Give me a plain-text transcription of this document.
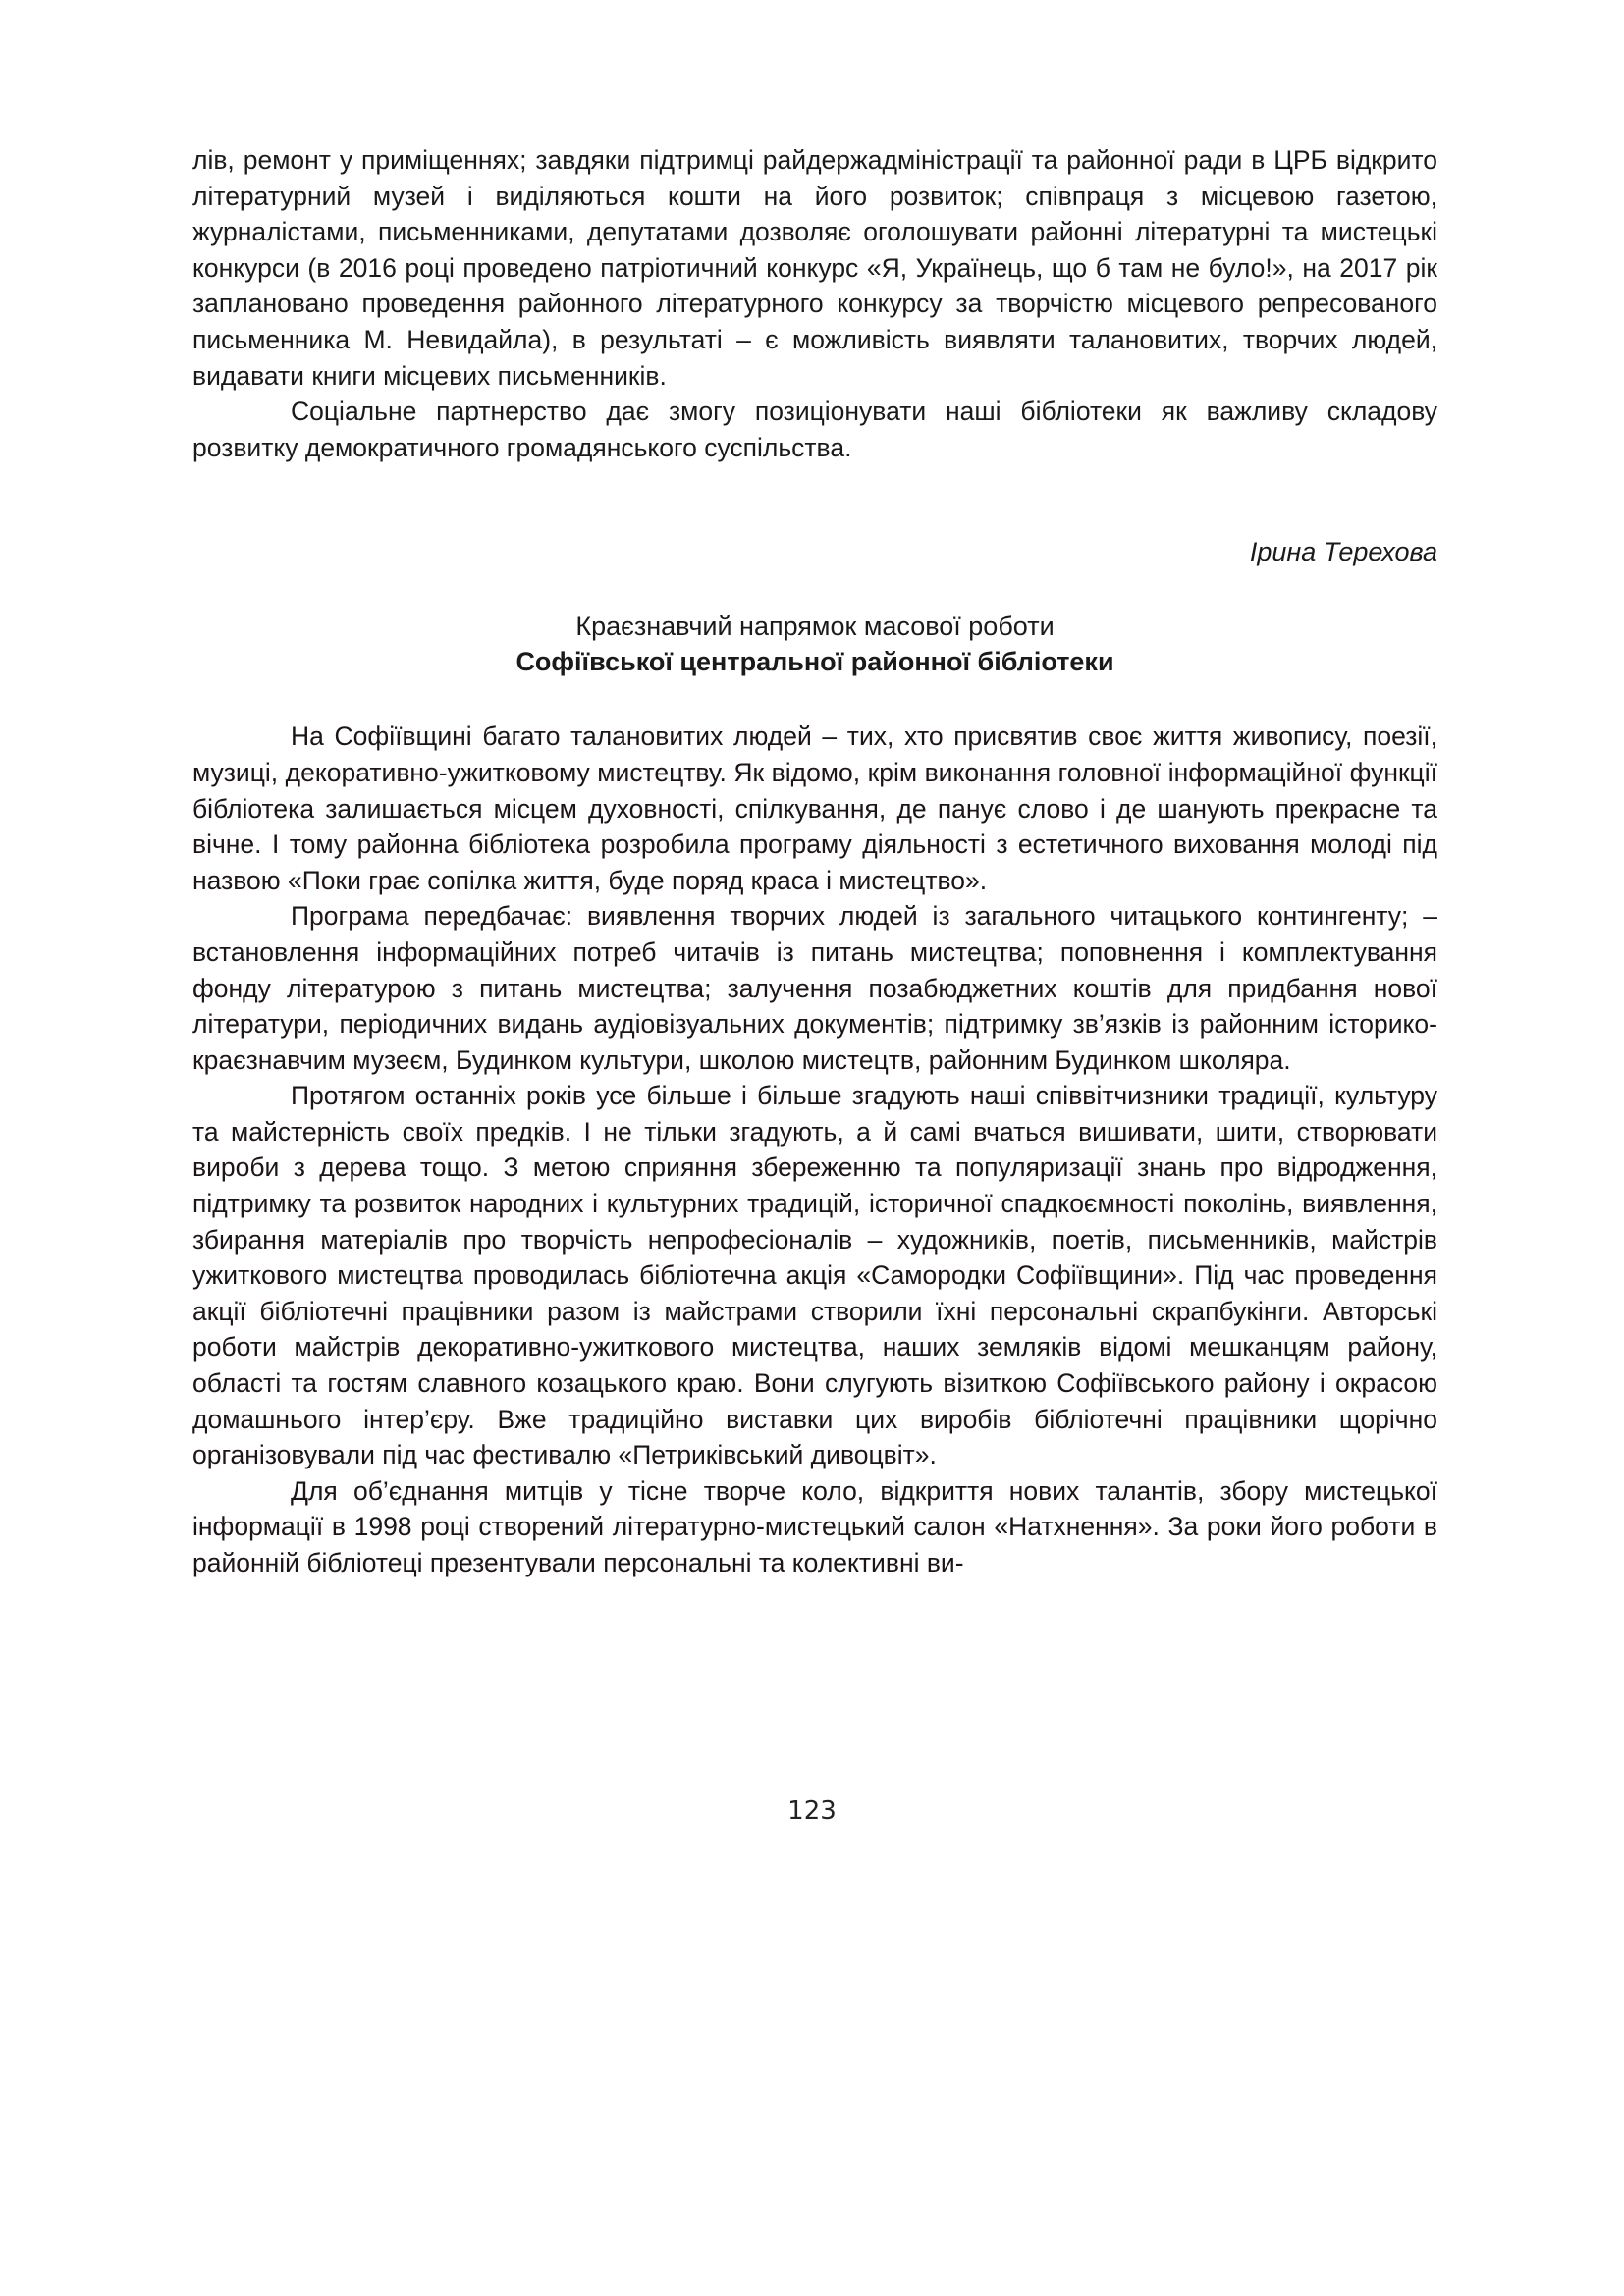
лів, ремонт у приміщеннях; завдяки підтримці райдержадміністрації та районної ради в ЦРБ відкрито літературний музей і виділяються кошти на його розвиток; співпраця з місцевою газетою, журналістами, письменниками, депутатами дозволяє оголошувати районні літературні та мистецькі конкурси (в 2016 році проведено патріотичний конкурс «Я, Українець, що б там не було!», на 2017 рік заплановано проведення районного літературного конкурсу за творчістю місцевого репресованого письменника М. Невидайла), в результаті – є можливість виявляти талановитих, творчих людей, видавати книги місцевих письменників.

Соціальне партнерство дає змогу позиціонувати наші бібліотеки як важливу складову розвитку демократичного громадянського суспільства.

Ірина Терехова

Краєзнавчий напрямок масової роботи
Софіївської центральної районної бібліотеки

На Софіївщині багато талановитих людей – тих, хто присвятив своє життя живопису, поезії, музиці, декоративно-ужитковому мистецтву. Як відомо, крім виконання головної інформаційної функції бібліотека залишається місцем духовності, спілкування, де панує слово і де шанують прекрасне та вічне. І тому районна бібліотека розробила програму діяльності з естетичного виховання молоді під назвою «Поки грає сопілка життя, буде поряд краса і мистецтво».

Програма передбачає: виявлення творчих людей із загального читацького контингенту; – встановлення інформаційних потреб читачів із питань мистецтва; поповнення і комплектування фонду літературою з питань мистецтва; залучення позабюджетних коштів для придбання нової літератури, періодичних видань аудіовізуальних документів; підтримку зв’язків із районним історико-краєзнавчим музеєм, Будинком культури, школою мистецтв, районним Будинком школяра.

Протягом останніх років усе більше і більше згадують наші співвітчизники традиції, культуру та майстерність своїх предків. І не тільки згадують, а й самі вчаться вишивати, шити, створювати вироби з дерева тощо. З метою сприяння збереженню та популяризації знань про відродження, підтримку та розвиток народних і культурних традицій, історичної спадкоємності поколінь, виявлення, збирання матеріалів про творчість непрофесіоналів – художників, поетів, письменників, майстрів ужиткового мистецтва проводилась бібліотечна акція «Самородки Софіївщини». Під час проведення акції бібліотечні працівники разом із майстрами створили їхні персональні скрапбукінги. Авторські роботи майстрів декоративно-ужиткового мистецтва, наших земляків відомі мешканцям району, області та гостям славного козацького краю. Вони слугують візиткою Софіївського району і окрасою домашнього інтер’єру. Вже традиційно виставки цих виробів бібліотечні працівники щорічно організовували під час фестивалю «Петриківський дивоцвіт».

Для об’єднання митців у тісне творче коло, відкриття нових талантів, збору мистецької інформації в 1998 році створений літературно-мистецький салон «Натхнення». За роки його роботи в районній бібліотеці презентували персональні та колективні ви-

123
